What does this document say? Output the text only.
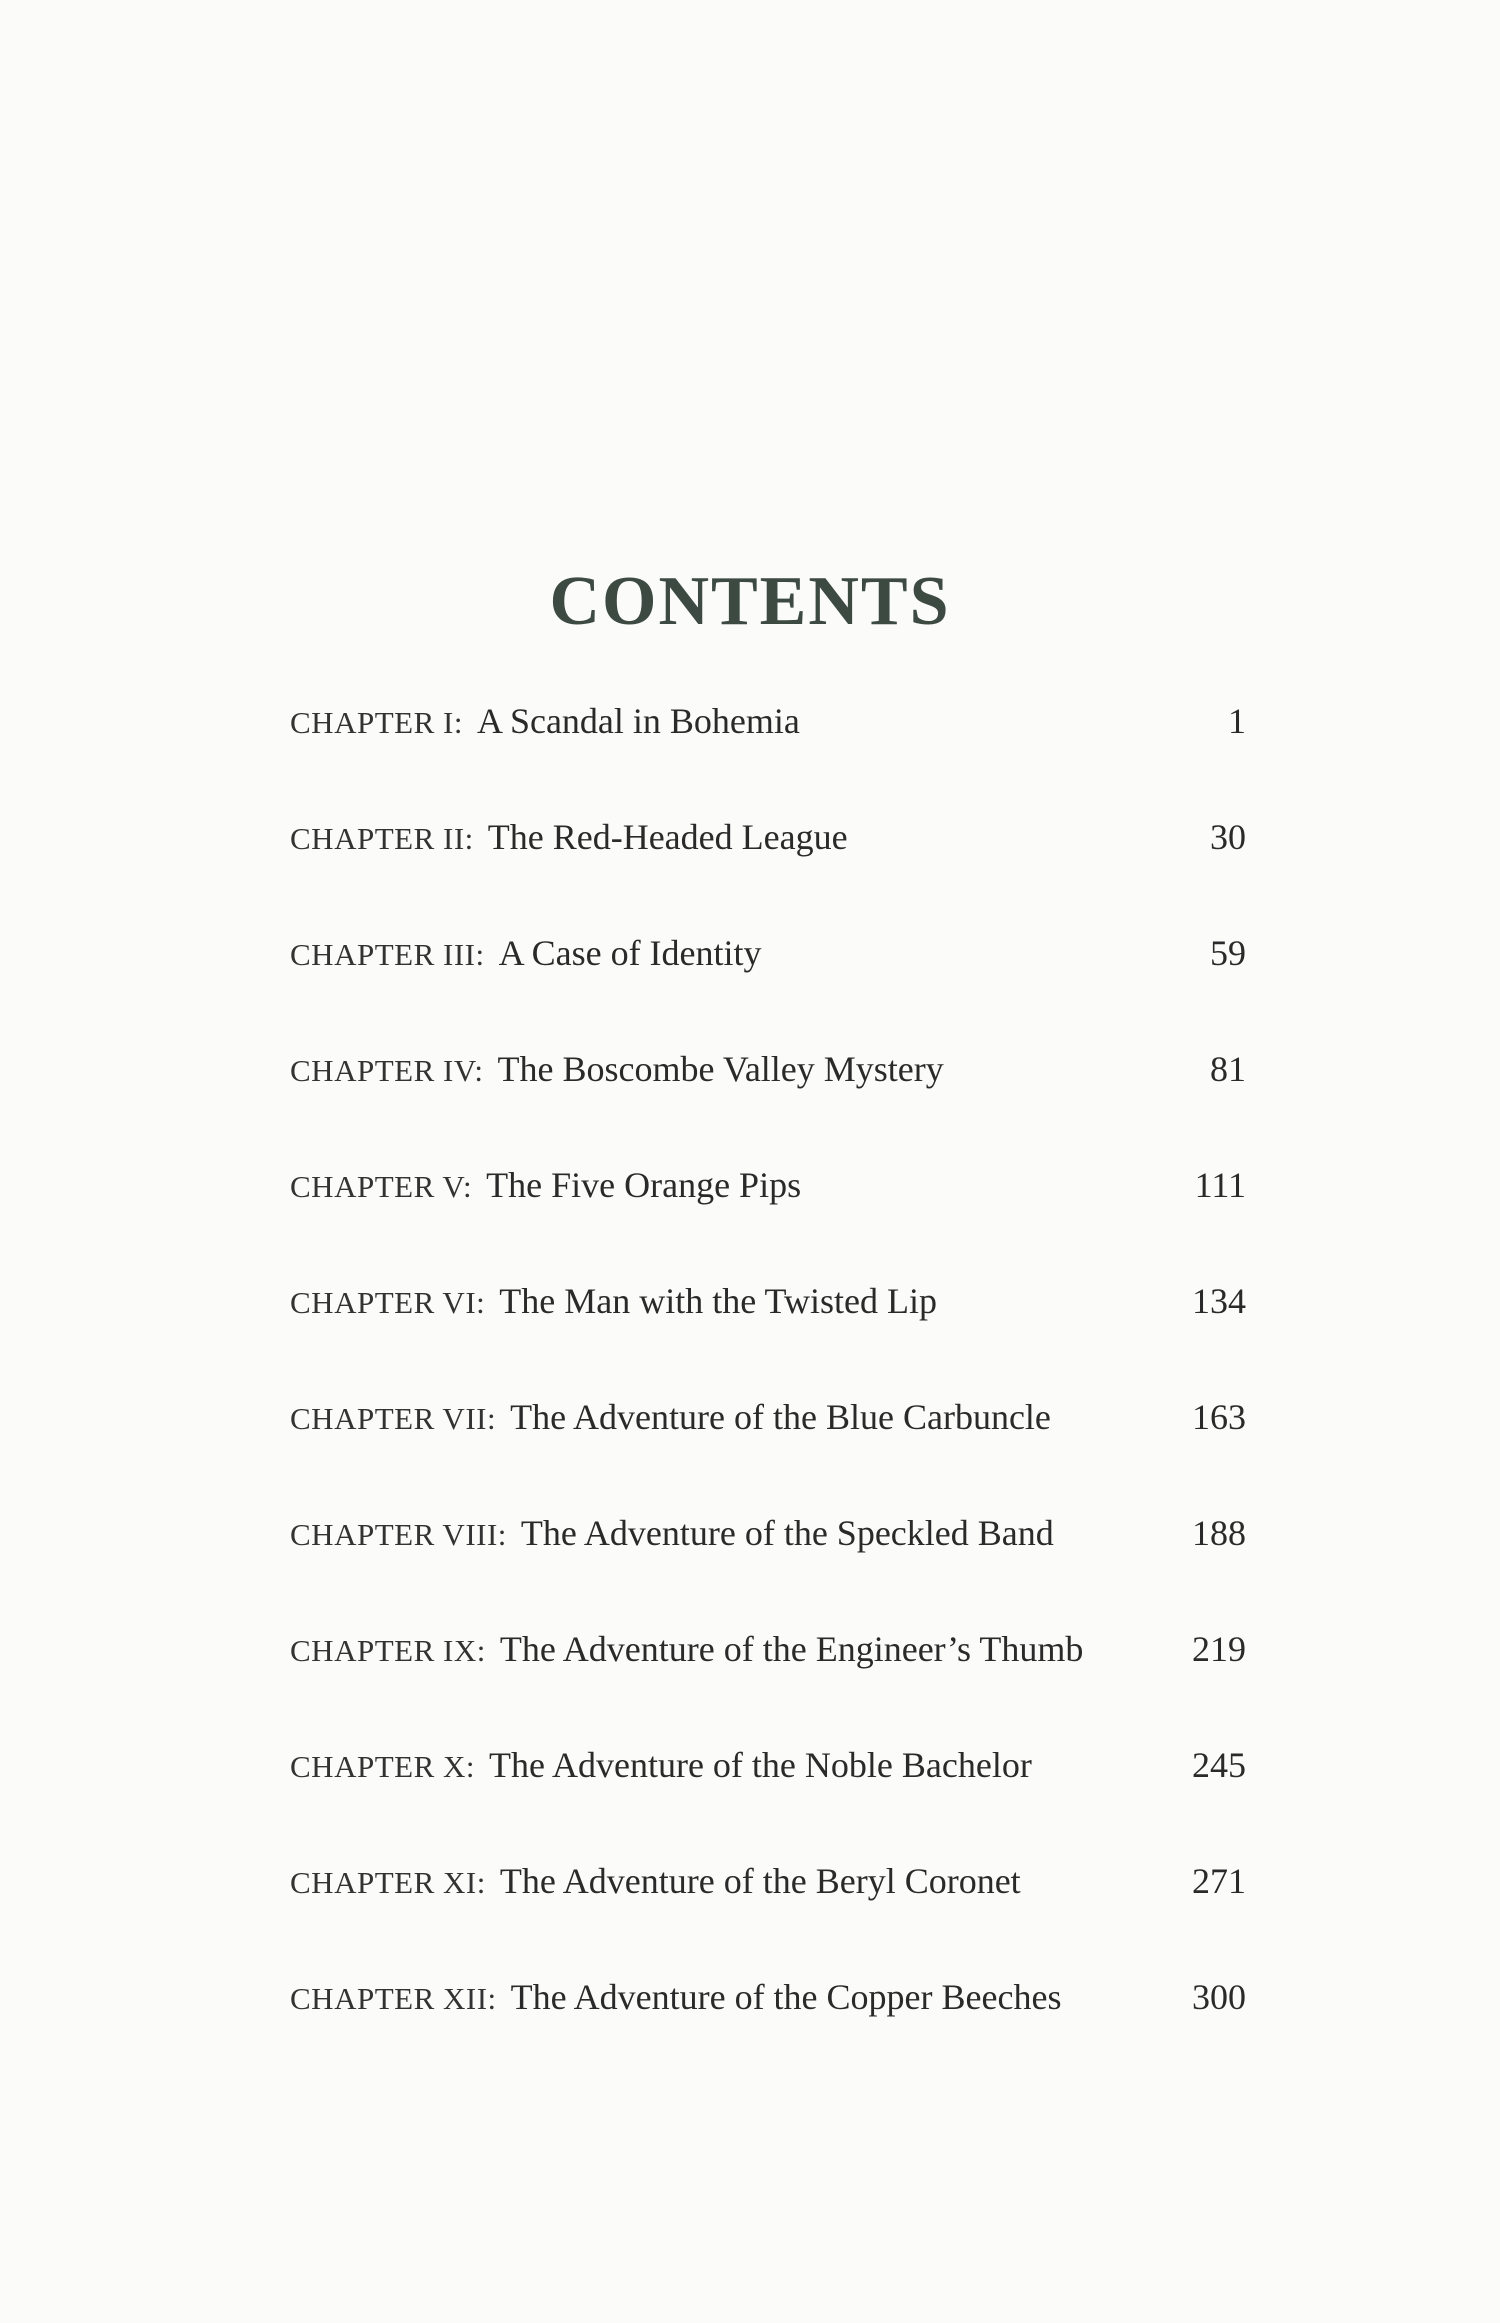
CONTENTS
CHAPTER I: A Scandal in Bohemia	1
CHAPTER II: The Red-Headed League	30
CHAPTER III: A Case of Identity	59
CHAPTER IV: The Boscombe Valley Mystery	81
CHAPTER V: The Five Orange Pips	111
CHAPTER VI: The Man with the Twisted Lip	134
CHAPTER VII: The Adventure of the Blue Carbuncle	163
CHAPTER VIII: The Adventure of the Speckled Band	188
CHAPTER IX: The Adventure of the Engineer’s Thumb	219
CHAPTER X: The Adventure of the Noble Bachelor	245
CHAPTER XI: The Adventure of the Beryl Coronet	271
CHAPTER XII: The Adventure of the Copper Beeches	300
